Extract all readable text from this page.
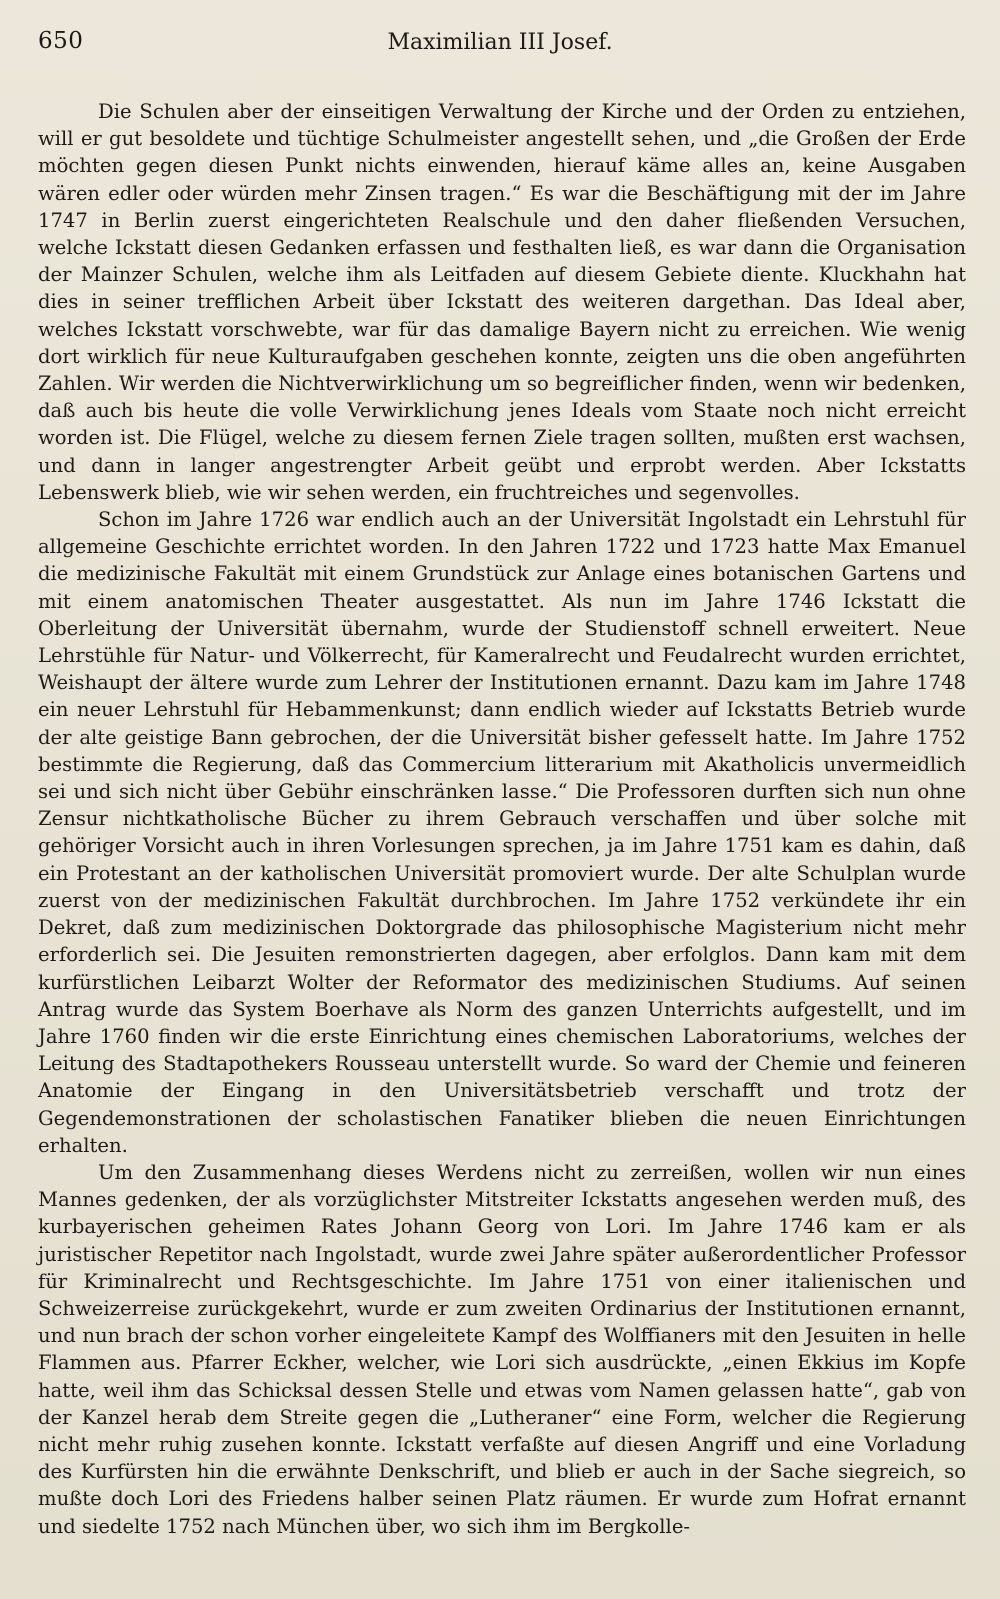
650	Maximilian III Josef.

Die Schulen aber der einseitigen Verwaltung der Kirche und der Orden zu entziehen, will er gut besoldete und tüchtige Schulmeister angestellt sehen, und „die Großen der Erde möchten gegen diesen Punkt nichts einwenden, hierauf käme alles an, keine Ausgaben wären edler oder würden mehr Zinsen tragen.“ Es war die Beschäftigung mit der im Jahre 1747 in Berlin zuerst eingerichteten Realschule und den daher fließenden Versuchen, welche Ickstatt diesen Gedanken erfassen und festhalten ließ, es war dann die Organisation der Mainzer Schulen, welche ihm als Leitfaden auf diesem Gebiete diente. Kluckhahn hat dies in seiner trefflichen Arbeit über Ickstatt des weiteren dargethan. Das Ideal aber, welches Ickstatt vorschwebte, war für das damalige Bayern nicht zu erreichen. Wie wenig dort wirklich für neue Kulturaufgaben geschehen konnte, zeigten uns die oben angeführten Zahlen. Wir werden die Nichtverwirklichung um so begreiflicher finden, wenn wir bedenken, daß auch bis heute die volle Verwirklichung jenes Ideals vom Staate noch nicht erreicht worden ist. Die Flügel, welche zu diesem fernen Ziele tragen sollten, mußten erst wachsen, und dann in langer angestrengter Arbeit geübt und erprobt werden. Aber Ickstatts Lebenswerk blieb, wie wir sehen werden, ein fruchtreiches und segenvolles.

Schon im Jahre 1726 war endlich auch an der Universität Ingolstadt ein Lehrstuhl für allgemeine Geschichte errichtet worden. In den Jahren 1722 und 1723 hatte Max Emanuel die medizinische Fakultät mit einem Grundstück zur Anlage eines botanischen Gartens und mit einem anatomischen Theater ausgestattet. Als nun im Jahre 1746 Ickstatt die Oberleitung der Universität übernahm, wurde der Studienstoff schnell erweitert. Neue Lehrstühle für Natur- und Völkerrecht, für Kameralrecht und Feudalrecht wurden errichtet, Weishaupt der ältere wurde zum Lehrer der Institutionen ernannt. Dazu kam im Jahre 1748 ein neuer Lehrstuhl für Hebammenkunst; dann endlich wieder auf Ickstatts Betrieb wurde der alte geistige Bann gebrochen, der die Universität bisher gefesselt hatte. Im Jahre 1752 bestimmte die Regierung, daß das Commercium litterarium mit Akatholicis unvermeidlich sei und sich nicht über Gebühr einschränken lasse.“ Die Professoren durften sich nun ohne Zensur nichtkatholische Bücher zu ihrem Gebrauch verschaffen und über solche mit gehöriger Vorsicht auch in ihren Vorlesungen sprechen, ja im Jahre 1751 kam es dahin, daß ein Protestant an der katholischen Universität promoviert wurde. Der alte Schulplan wurde zuerst von der medizinischen Fakultät durchbrochen. Im Jahre 1752 verkündete ihr ein Dekret, daß zum medizinischen Doktorgrade das philosophische Magisterium nicht mehr erforderlich sei. Die Jesuiten remonstrierten dagegen, aber erfolglos. Dann kam mit dem kurfürstlichen Leibarzt Wolter der Reformator des medizinischen Studiums. Auf seinen Antrag wurde das System Boerhave als Norm des ganzen Unterrichts aufgestellt, und im Jahre 1760 finden wir die erste Einrichtung eines chemischen Laboratoriums, welches der Leitung des Stadtapothekers Rousseau unterstellt wurde. So ward der Chemie und feineren Anatomie der Eingang in den Universitätsbetrieb verschafft und trotz der Gegendemonstrationen der scholastischen Fanatiker blieben die neuen Einrichtungen erhalten.

Um den Zusammenhang dieses Werdens nicht zu zerreißen, wollen wir nun eines Mannes gedenken, der als vorzüglichster Mitstreiter Ickstatts angesehen werden muß, des kurbayerischen geheimen Rates Johann Georg von Lori. Im Jahre 1746 kam er als juristischer Repetitor nach Ingolstadt, wurde zwei Jahre später außerordentlicher Professor für Kriminalrecht und Rechtsgeschichte. Im Jahre 1751 von einer italienischen und Schweizerreise zurückgekehrt, wurde er zum zweiten Ordinarius der Institutionen ernannt, und nun brach der schon vorher eingeleitete Kampf des Wolffianers mit den Jesuiten in helle Flammen aus. Pfarrer Eckher, welcher, wie Lori sich ausdrückte, „einen Ekkius im Kopfe hatte, weil ihm das Schicksal dessen Stelle und etwas vom Namen gelassen hatte“, gab von der Kanzel herab dem Streite gegen die „Lutheraner“ eine Form, welcher die Regierung nicht mehr ruhig zusehen konnte. Ickstatt verfaßte auf diesen Angriff und eine Vorladung des Kurfürsten hin die erwähnte Denkschrift, und blieb er auch in der Sache siegreich, so mußte doch Lori des Friedens halber seinen Platz räumen. Er wurde zum Hofrat ernannt und siedelte 1752 nach München über, wo sich ihm im Bergkolle-
